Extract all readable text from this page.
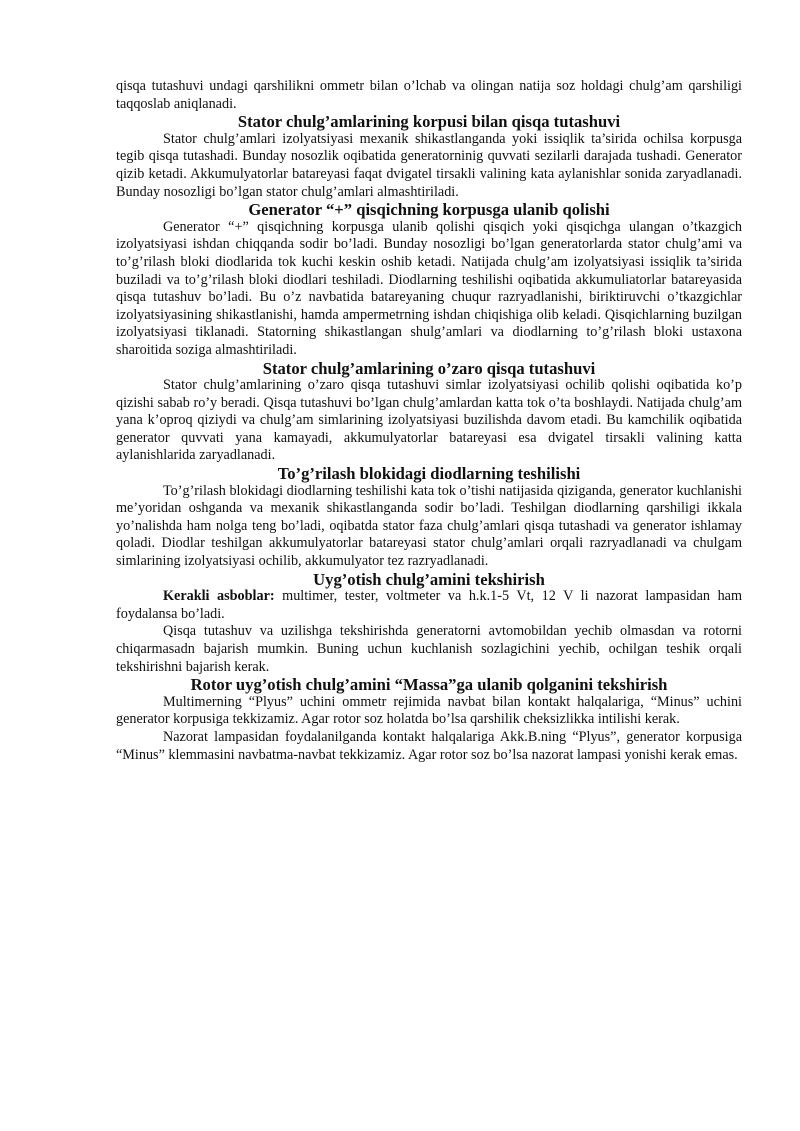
qisqa tutashuvi undagi qarshilikni ommetr bilan o’lchab va olingan natija soz holdagi chulg’am qarshiligi taqqoslab aniqlanadi.

Stator chulg’amlarining korpusi bilan qisqa tutashuvi

Stator chulg’amlari izolyatsiyasi mexanik shikastlanganda yoki issiqlik ta’sirida ochilsa korpusga tegib qisqa tutashadi. Bunday nosozlik oqibatida generatorninig quvvati sezilarli darajada tushadi. Generator qizib ketadi. Akkumulyatorlar batareyasi faqat dvigatel tirsakli valining kata aylanishlar sonida zaryadlanadi. Bunday nosozligi bo’lgan stator chulg’amlari almashtiriladi.

Generator “+” qisqichning korpusga ulanib qolishi

Generator “+” qisqichning korpusga ulanib qolishi qisqich yoki qisqichga ulangan o’tkazgich izolyatsiyasi ishdan chiqqanda sodir bo’ladi. Bunday nosozligi bo’lgan generatorlarda stator chulg’ami va to’g’rilash bloki diodlarida tok kuchi keskin oshib ketadi. Natijada chulg’am izolyatsiyasi issiqlik ta’sirida buziladi va to’g’rilash bloki diodlari teshiladi. Diodlarning teshilishi oqibatida akkumuliatorlar batareyasida qisqa tutashuv bo’ladi. Bu o’z navbatida batareyaning chuqur razryadlanishi, biriktiruvchi o’tkazgichlar izolyatsiyasining shikastlanishi, hamda ampermetrning ishdan chiqishiga olib keladi. Qisqichlarning buzilgan izolyatsiyasi tiklanadi. Statorning shikastlangan shulg’amlari va diodlarning to’g’rilash bloki ustaxona sharoitida soziga almashtiriladi.

Stator chulg’amlarining o’zaro qisqa tutashuvi

Stator chulg’amlarining o’zaro qisqa tutashuvi simlar izolyatsiyasi ochilib qolishi oqibatida ko’p qizishi sabab ro’y beradi. Qisqa tutashuvi bo’lgan chulg’amlardan katta tok o’ta boshlaydi. Natijada chulg’am yana k’oproq qiziydi va chulg’am simlarining izolyatsiyasi buzilishda davom etadi. Bu kamchilik oqibatida generator quvvati yana kamayadi, akkumulyatorlar batareyasi esa dvigatel tirsakli valining katta aylanishlarida zaryadlanadi.

To’g’rilash blokidagi diodlarning teshilishi

To’g’rilash blokidagi diodlarning teshilishi kata tok o’tishi natijasida qiziganda, generator kuchlanishi me’yoridan oshganda va mexanik shikastlanganda sodir bo’ladi. Teshilgan diodlarning qarshiligi ikkala yo’nalishda ham nolga teng bo’ladi, oqibatda stator faza chulg’amlari qisqa tutashadi va generator ishlamay qoladi. Diodlar teshilgan akkumulyatorlar batareyasi stator chulg’amlari orqali razryadlanadi va chulgam simlarining izolyatsiyasi ochilib, akkumulyator tez razryadlanadi.

Uyg’otish chulg’amini tekshirish

Kerakli asboblar: multimer, tester, voltmeter va h.k.1-5 Vt, 12 V li nazorat lampasidan ham foydalansa bo’ladi.

Qisqa tutashuv va uzilishga tekshirishda generatorni avtomobildan yechib olmasdan va rotorni chiqarmasadn bajarish mumkin. Buning uchun kuchlanish sozlagichini yechib, ochilgan teshik orqali tekshirishni bajarish kerak.

Rotor uyg’otish chulg’amini “Massa”ga ulanib qolganini tekshirish

Multimerning “Plyus” uchini ommetr rejimida navbat bilan kontakt halqalariga, “Minus” uchini generator korpusiga tekkizamiz. Agar rotor soz holatda bo’lsa qarshilik cheksizlikka intilishi kerak.

Nazorat lampasidan foydalanilganda kontakt halqalariga Akk.B.ning “Plyus”, generator korpusiga “Minus” klemmasini navbatma-navbat tekkizamiz. Agar rotor soz bo’lsa nazorat lampasi yonishi kerak emas.
